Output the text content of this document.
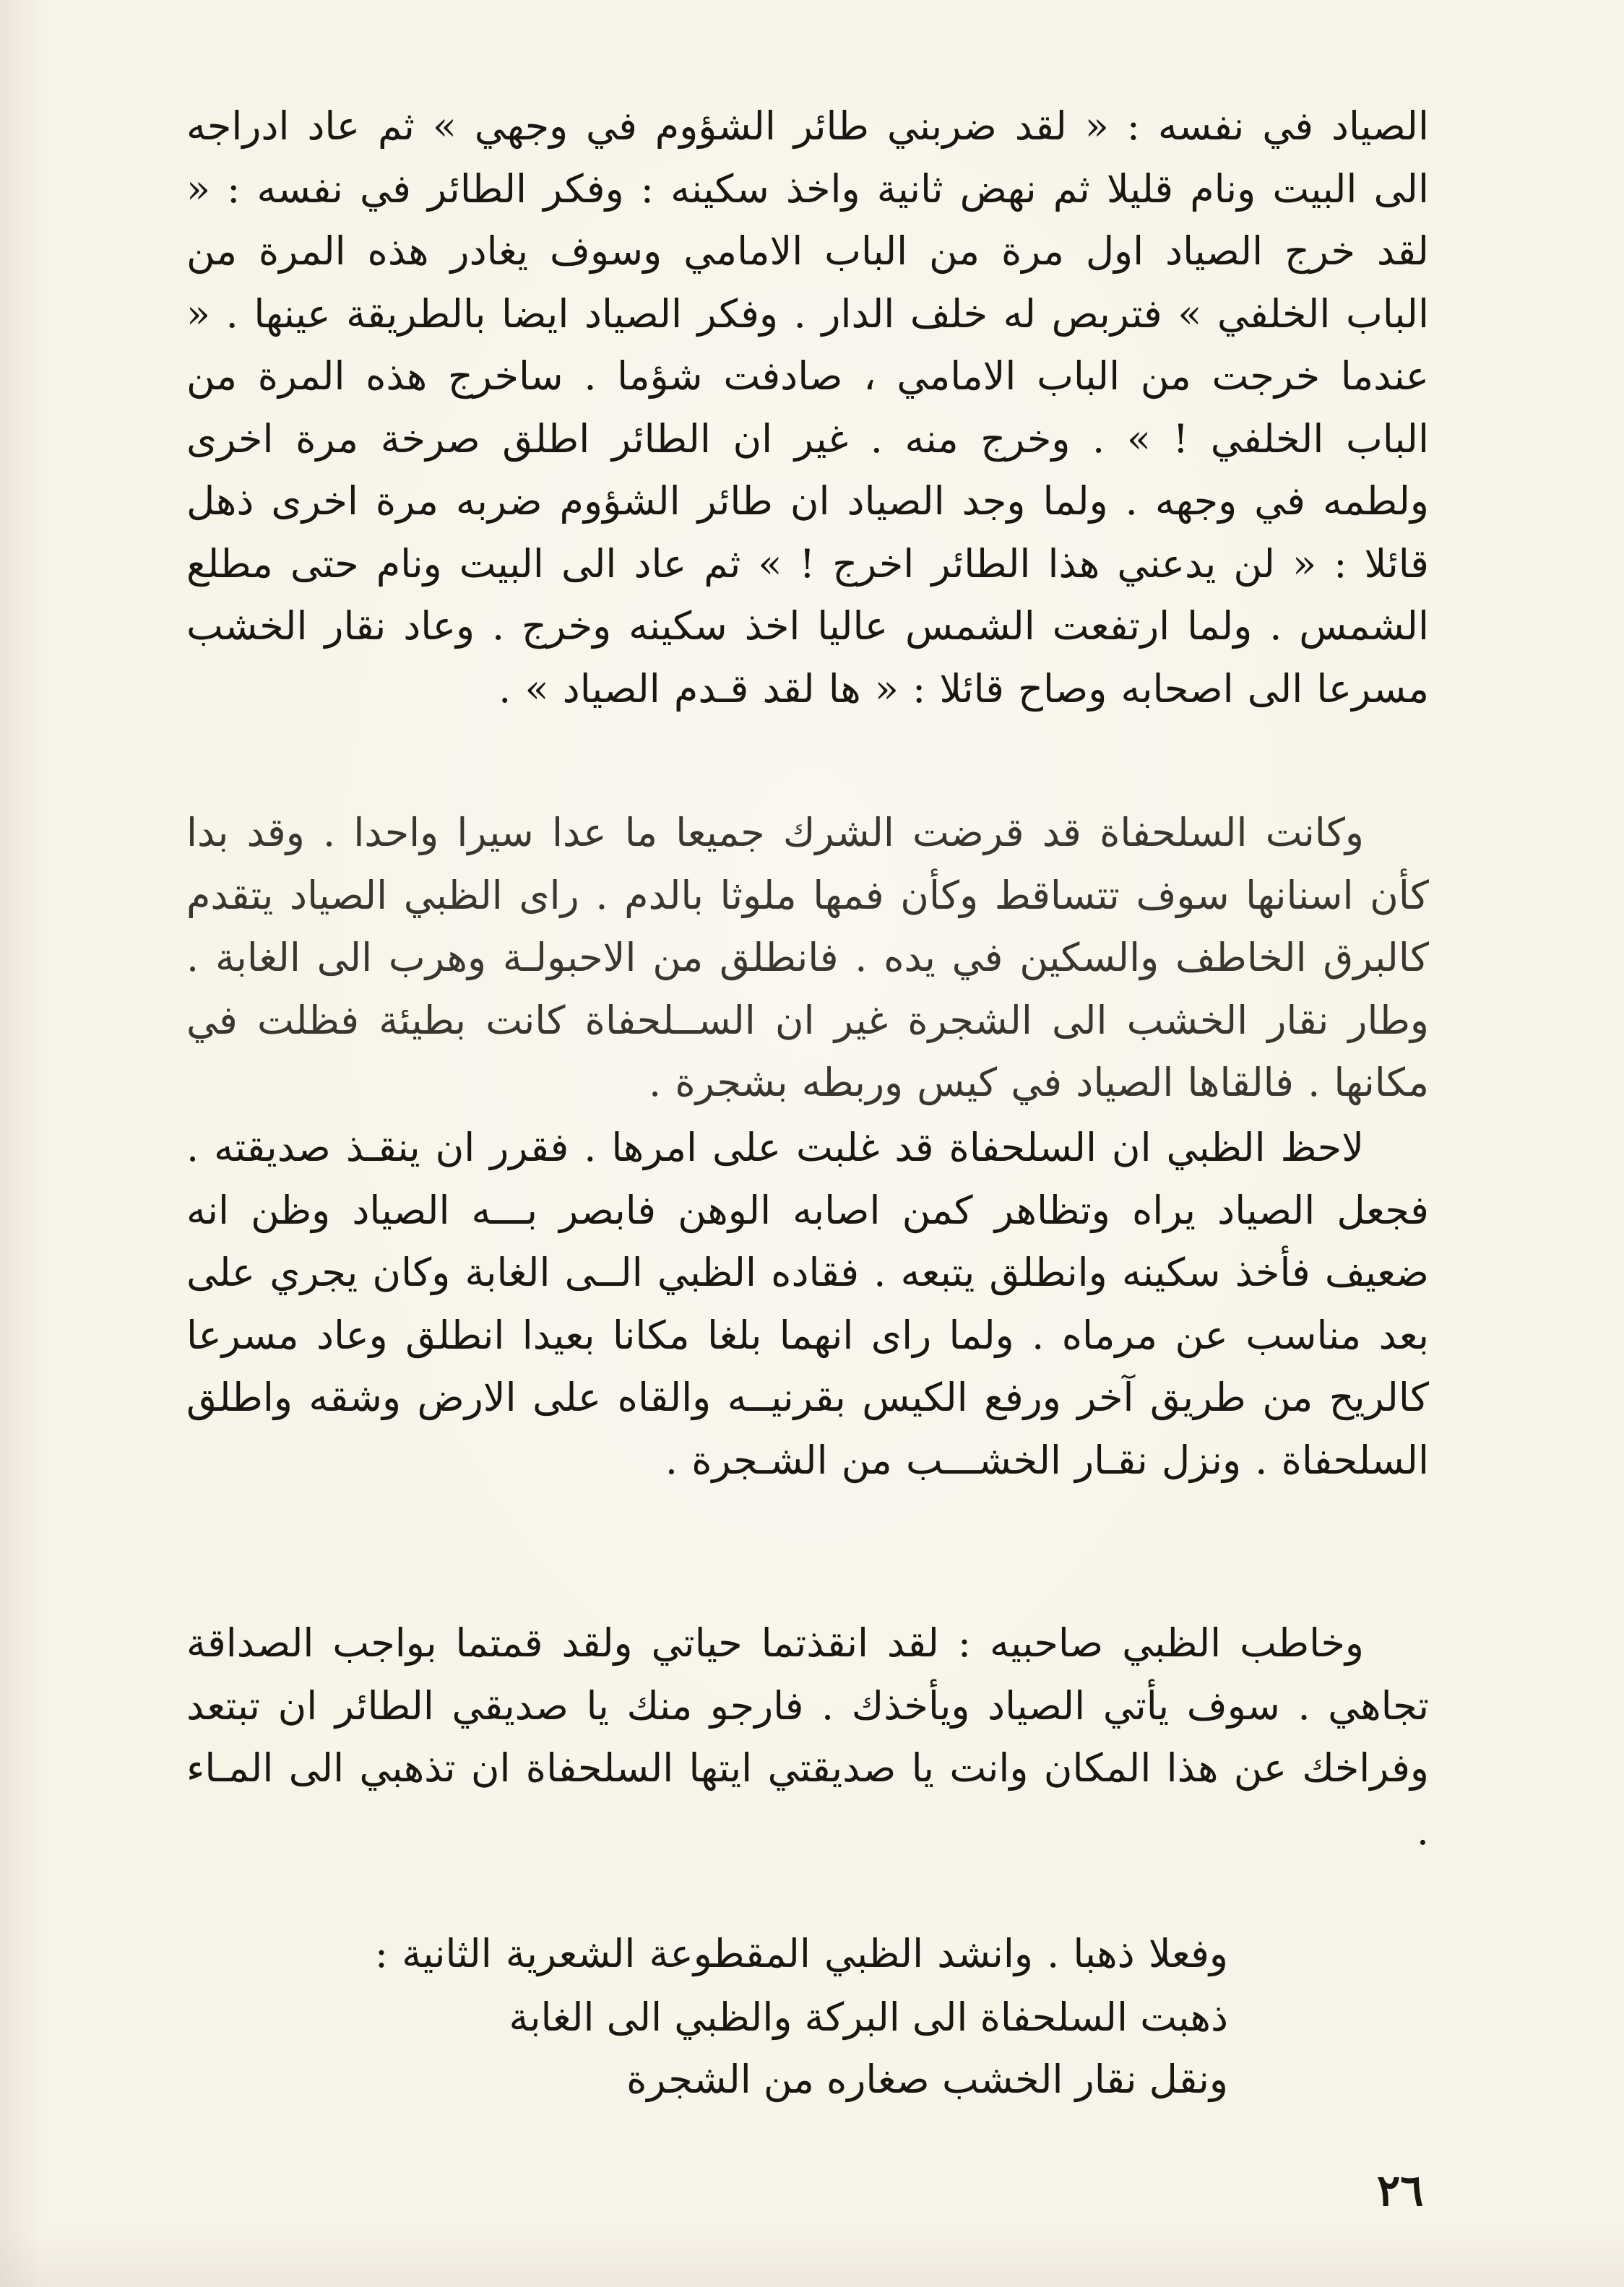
الصياد في نفسه : « لقد ضربني طائر الشؤوم في وجهي » ثم عاد ادراجه الى البيت ونام قليلا ثم نهض ثانية واخذ سكينه : وفكر الطائر في نفسه : « لقد خرج الصياد اول مرة من الباب الامامي وسوف يغادر هذه المرة من الباب الخلفي » فتربص له خلف الدار . وفكر الصياد ايضا بالطريقة عينها . « عندما خرجت من الباب الامامي ، صادفت شؤما . ساخرج هذه المرة من الباب الخلفي ! » . وخرج منه . غير ان الطائر اطلق صرخة مرة اخرى ولطمه في وجهه . ولما وجد الصياد ان طائر الشؤوم ضربه مرة اخرى ذهل قائلا : « لن يدعني هذا الطائر اخرج ! » ثم عاد الى البيت ونام حتى مطلع الشمس . ولما ارتفعت الشمس عاليا اخذ سكينه وخرج . وعاد نقار الخشب مسرعا الى اصحابه وصاح قائلا : « ها لقد قـدم الصياد » .

وكانت السلحفاة قد قرضت الشرك جميعا ما عدا سيرا واحدا . وقد بدا كأن اسنانها سوف تتساقط وكأن فمها ملوثا بالدم . راى الظبي الصياد يتقدم كالبرق الخاطف والسكين في يده . فانطلق من الاحبولـة وهرب الى الغابة . وطار نقار الخشب الى الشجرة غير ان الســلحفاة كانت بطيئة فظلت في مكانها . فالقاها الصياد في كيس وربطه بشجرة .

لاحظ الظبي ان السلحفاة قد غلبت على امرها . فقرر ان ينقـذ صديقته . فجعل الصياد يراه وتظاهر كمن اصابه الوهن فابصر بـــه الصياد وظن انه ضعيف فأخذ سكينه وانطلق يتبعه . فقاده الظبي الــى الغابة وكان يجري على بعد مناسب عن مرماه . ولما راى انهما بلغا مكانا بعيدا انطلق وعاد مسرعا كالريح من طريق آخر ورفع الكيس بقرنيــه والقاه على الارض وشقه واطلق السلحفاة . ونزل نقـار الخشـــب من الشـجرة .

وخاطب الظبي صاحبيه : لقد انقذتما حياتي ولقد قمتما بواجب الصداقة تجاهي . سوف يأتي الصياد ويأخذك . فارجو منك يا صديقي الطائر ان تبتعد وفراخك عن هذا المكان وانت يا صديقتي ايتها السلحفاة ان تذهبي الى المـاء .

وفعلا ذهبا . وانشد الظبي المقطوعة الشعرية الثانية :

ذهبت السلحفاة الى البركة والظبي الى الغابة
ونقل نقار الخشب صغاره من الشجرة
٢٦
